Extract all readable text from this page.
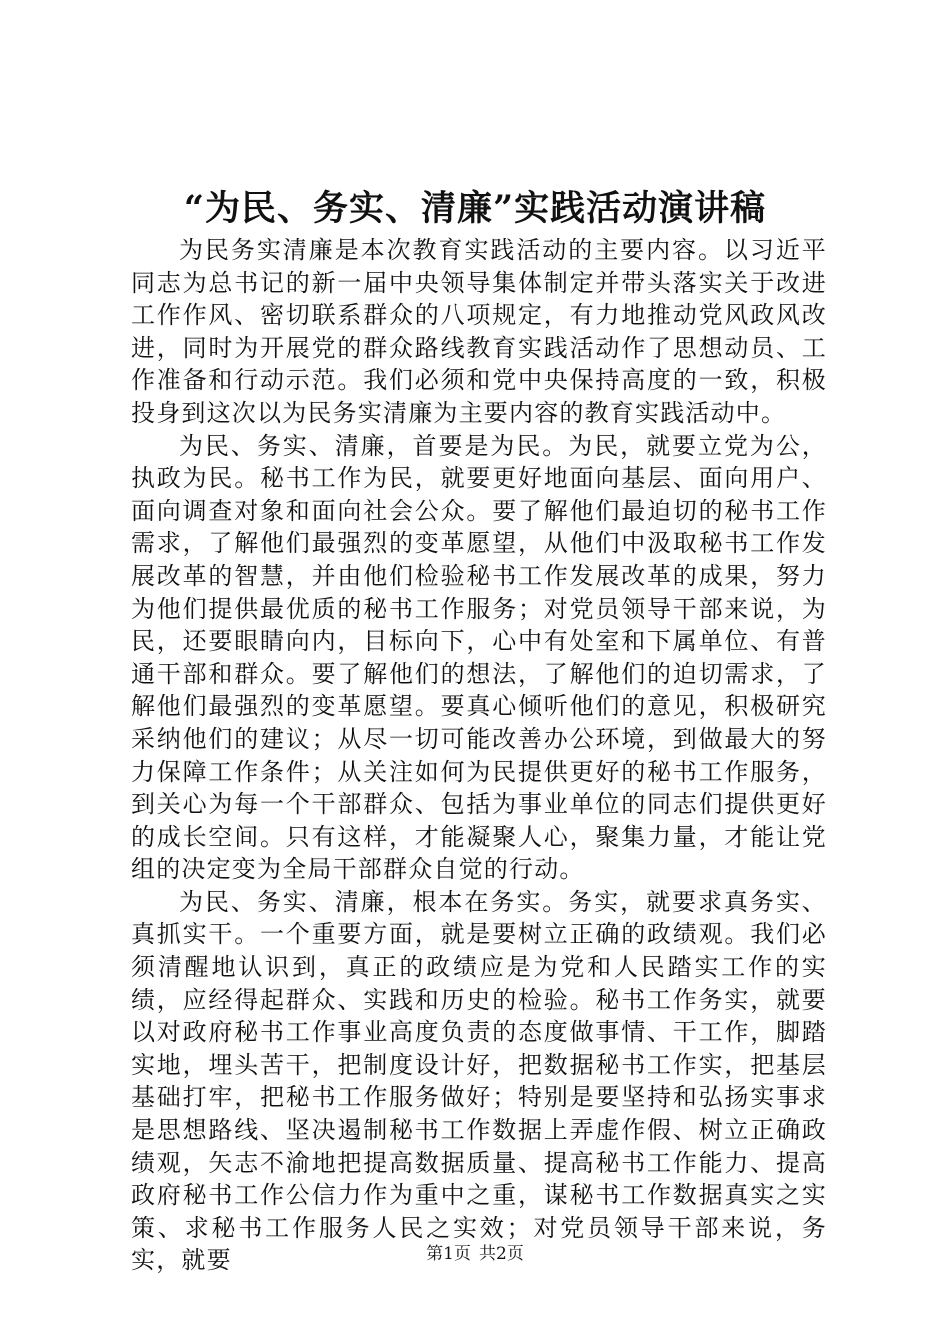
“为民、务实、清廉”实践活动演讲稿

为民务实清廉是本次教育实践活动的主要内容。以习近平同志为总书记的新一届中央领导集体制定并带头落实关于改进工作作风、密切联系群众的八项规定，有力地推动党风政风改进，同时为开展党的群众路线教育实践活动作了思想动员、工作准备和行动示范。我们必须和党中央保持高度的一致，积极投身到这次以为民务实清廉为主要内容的教育实践活动中。

为民、务实、清廉，首要是为民。为民，就要立党为公，执政为民。秘书工作为民，就要更好地面向基层、面向用户、面向调查对象和面向社会公众。要了解他们最迫切的秘书工作需求，了解他们最强烈的变革愿望，从他们中汲取秘书工作发展改革的智慧，并由他们检验秘书工作发展改革的成果，努力为他们提供最优质的秘书工作服务；对党员领导干部来说，为民，还要眼睛向内，目标向下，心中有处室和下属单位、有普通干部和群众。要了解他们的想法，了解他们的迫切需求，了解他们最强烈的变革愿望。要真心倾听他们的意见，积极研究采纳他们的建议；从尽一切可能改善办公环境，到做最大的努力保障工作条件；从关注如何为民提供更好的秘书工作服务，到关心为每一个干部群众、包括为事业单位的同志们提供更好的成长空间。只有这样，才能凝聚人心，聚集力量，才能让党组的决定变为全局干部群众自觉的行动。

为民、务实、清廉，根本在务实。务实，就要求真务实、真抓实干。一个重要方面，就是要树立正确的政绩观。我们必须清醒地认识到，真正的政绩应是为党和人民踏实工作的实绩，应经得起群众、实践和历史的检验。秘书工作务实，就要以对政府秘书工作事业高度负责的态度做事情、干工作，脚踏实地，埋头苦干，把制度设计好，把数据秘书工作实，把基层基础打牢，把秘书工作服务做好；特别是要坚持和弘扬实事求是思想路线、坚决遏制秘书工作数据上弄虚作假、树立正确政绩观，矢志不渝地把提高数据质量、提高秘书工作能力、提高政府秘书工作公信力作为重中之重，谋秘书工作数据真实之实策、求秘书工作服务人民之实效；对党员领导干部来说，务实，就要	第1页 共2页
